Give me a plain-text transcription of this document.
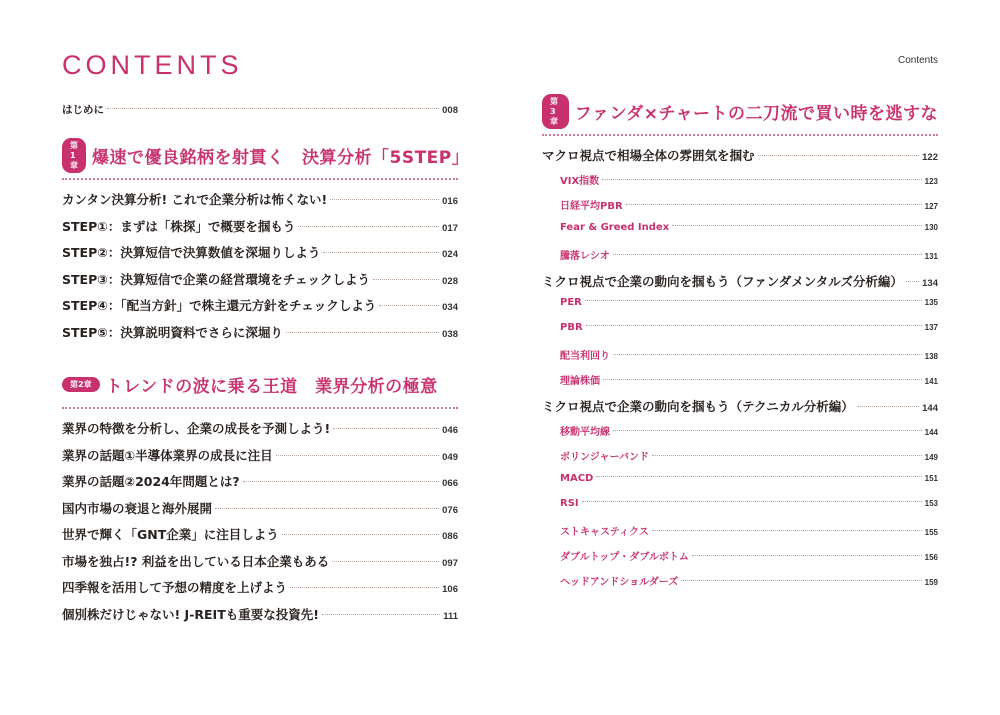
CONTENTS	Contents
はじめに	008
第1章 爆速で優良銘柄を射貫く　決算分析「5STEP」
カンタン決算分析! これで企業分析は怖くない!	016
STEP①：まずは「株探」で概要を掴もう	017
STEP②：決算短信で決算数値を深堀りしよう	024
STEP③：決算短信で企業の経営環境をチェックしよう	028
STEP④：「配当方針」で株主還元方針をチェックしよう	034
STEP⑤：決算説明資料でさらに深堀り	038
第2章 トレンドの波に乗る王道　業界分析の極意
業界の特徴を分析し、企業の成長を予測しよう!	046
業界の話題①半導体業界の成長に注目	049
業界の話題②2024年問題とは?	066
国内市場の衰退と海外展開	076
世界で輝く「GNT企業」に注目しよう	086
市場を独占!? 利益を出している日本企業もある	097
四季報を活用して予想の精度を上げよう	106
個別株だけじゃない! J-REITも重要な投資先!	111
第3章 ファンダ×チャートの二刀流で買い時を逃すな
マクロ視点で相場全体の雰囲気を掴む	122
VIX指数	123
日経平均PBR	127
Fear & Greed Index	130
騰落レシオ	131
ミクロ視点で企業の動向を掴もう（ファンダメンタルズ分析編） 134
PER	135
PBR	137
配当利回り	138
理論株価	141
ミクロ視点で企業の動向を掴もう（テクニカル分析編）	144
移動平均線	144
ボリンジャーバンド	149
MACD	151
RSI	153
ストキャスティクス	155
ダブルトップ・ダブルボトム	156
ヘッドアンドショルダーズ	159
